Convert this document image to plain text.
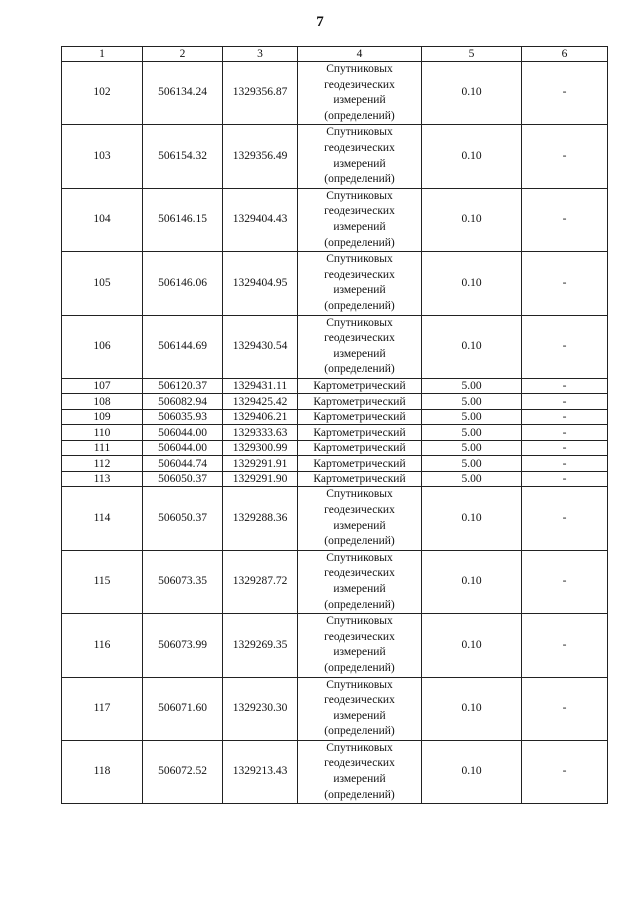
7
1	2	3	4	5	6
102	506134.24	1329356.87	Спутниковых геодезических измерений (определений)	0.10	-
103	506154.32	1329356.49	Спутниковых геодезических измерений (определений)	0.10	-
104	506146.15	1329404.43	Спутниковых геодезических измерений (определений)	0.10	-
105	506146.06	1329404.95	Спутниковых геодезических измерений (определений)	0.10	-
106	506144.69	1329430.54	Спутниковых геодезических измерений (определений)	0.10	-
107	506120.37	1329431.11	Картометрический	5.00	-
108	506082.94	1329425.42	Картометрический	5.00	-
109	506035.93	1329406.21	Картометрический	5.00	-
110	506044.00	1329333.63	Картометрический	5.00	-
111	506044.00	1329300.99	Картометрический	5.00	-
112	506044.74	1329291.91	Картометрический	5.00	-
113	506050.37	1329291.90	Картометрический	5.00	-
114	506050.37	1329288.36	Спутниковых геодезических измерений (определений)	0.10	-
115	506073.35	1329287.72	Спутниковых геодезических измерений (определений)	0.10	-
116	506073.99	1329269.35	Спутниковых геодезических измерений (определений)	0.10	-
117	506071.60	1329230.30	Спутниковых геодезических измерений (определений)	0.10	-
118	506072.52	1329213.43	Спутниковых геодезических измерений (определений)	0.10	-
